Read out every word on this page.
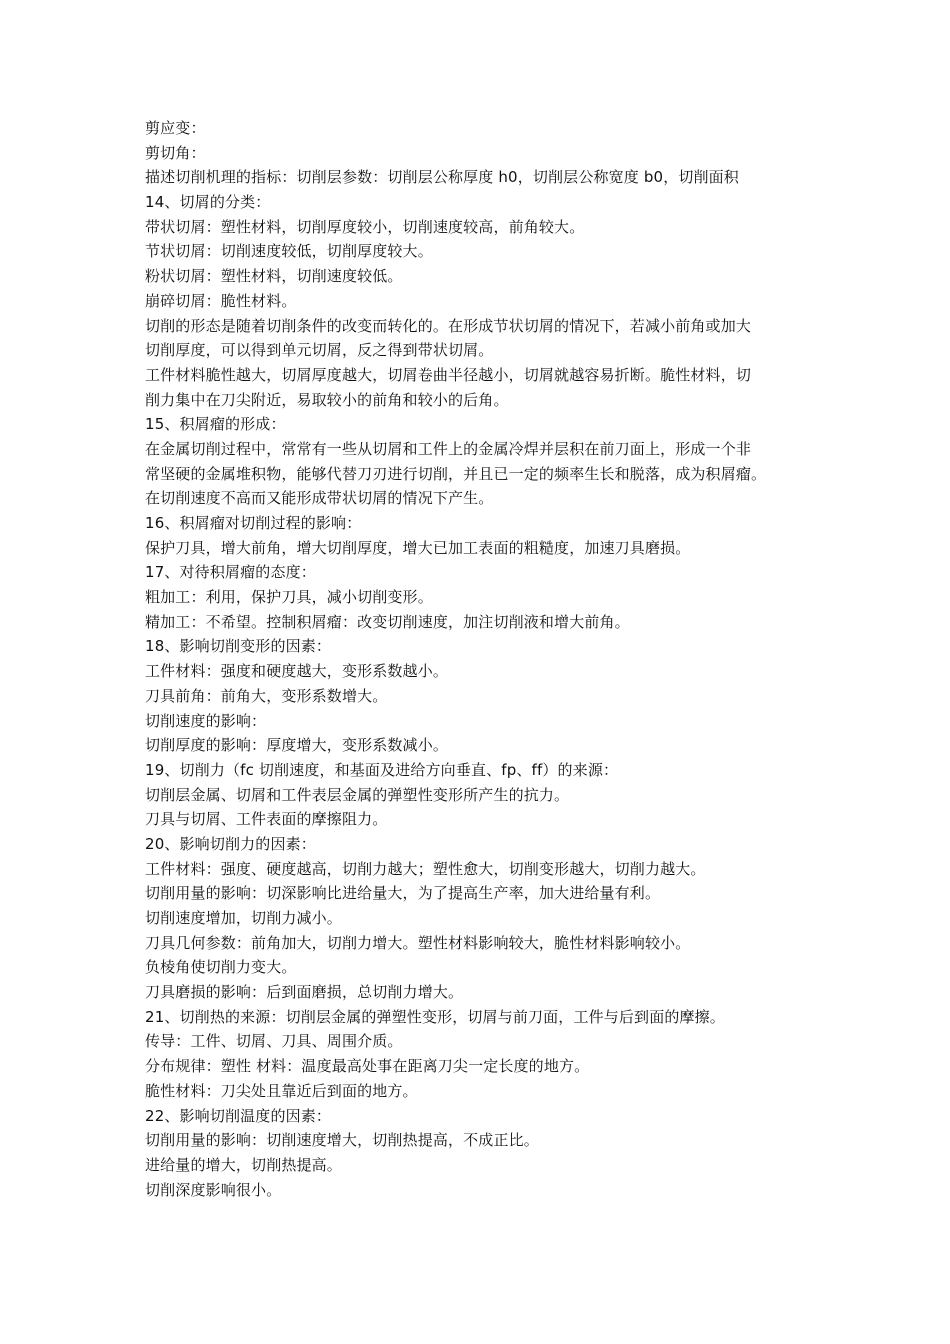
剪应变：
剪切角：
描述切削机理的指标：切削层参数：切削层公称厚度 h0，切削层公称宽度 b0，切削面积
14、切屑的分类：
带状切屑：塑性材料，切削厚度较小，切削速度较高，前角较大。
节状切屑：切削速度较低，切削厚度较大。
粉状切屑：塑性材料，切削速度较低。
崩碎切屑：脆性材料。
切削的形态是随着切削条件的改变而转化的。在形成节状切屑的情况下，若减小前角或加大
切削厚度，可以得到单元切屑，反之得到带状切屑。
工件材料脆性越大，切屑厚度越大，切屑卷曲半径越小，切屑就越容易折断。脆性材料，切
削力集中在刀尖附近，易取较小的前角和较小的后角。
15、积屑瘤的形成：
在金属切削过程中，常常有一些从切屑和工件上的金属冷焊并层积在前刀面上，形成一个非
常坚硬的金属堆积物，能够代替刀刃进行切削，并且已一定的频率生长和脱落，成为积屑瘤。
在切削速度不高而又能形成带状切屑的情况下产生。
16、积屑瘤对切削过程的影响：
保护刀具，增大前角，增大切削厚度，增大已加工表面的粗糙度，加速刀具磨损。
17、对待积屑瘤的态度：
粗加工：利用，保护刀具，减小切削变形。
精加工：不希望。控制积屑瘤：改变切削速度，加注切削液和增大前角。
18、影响切削变形的因素：
工件材料：强度和硬度越大，变形系数越小。
刀具前角：前角大，变形系数增大。
切削速度的影响：
切削厚度的影响：厚度增大，变形系数减小。
19、切削力（fc 切削速度，和基面及进给方向垂直、fp、ff）的来源：
切削层金属、切屑和工件表层金属的弹塑性变形所产生的抗力。
刀具与切屑、工件表面的摩擦阻力。
20、影响切削力的因素：
工件材料：强度、硬度越高，切削力越大；塑性愈大，切削变形越大，切削力越大。
切削用量的影响：切深影响比进给量大，为了提高生产率，加大进给量有利。
切削速度增加，切削力减小。
刀具几何参数：前角加大，切削力增大。塑性材料影响较大，脆性材料影响较小。
负棱角使切削力变大。
刀具磨损的影响：后到面磨损，总切削力增大。
21、切削热的来源：切削层金属的弹塑性变形，切屑与前刀面，工件与后到面的摩擦。
传导：工件、切屑、刀具、周围介质。
分布规律：塑性 材料：温度最高处事在距离刀尖一定长度的地方。
脆性材料：刀尖处且靠近后到面的地方。
22、影响切削温度的因素：
切削用量的影响：切削速度增大，切削热提高，不成正比。
进给量的增大，切削热提高。
切削深度影响很小。
